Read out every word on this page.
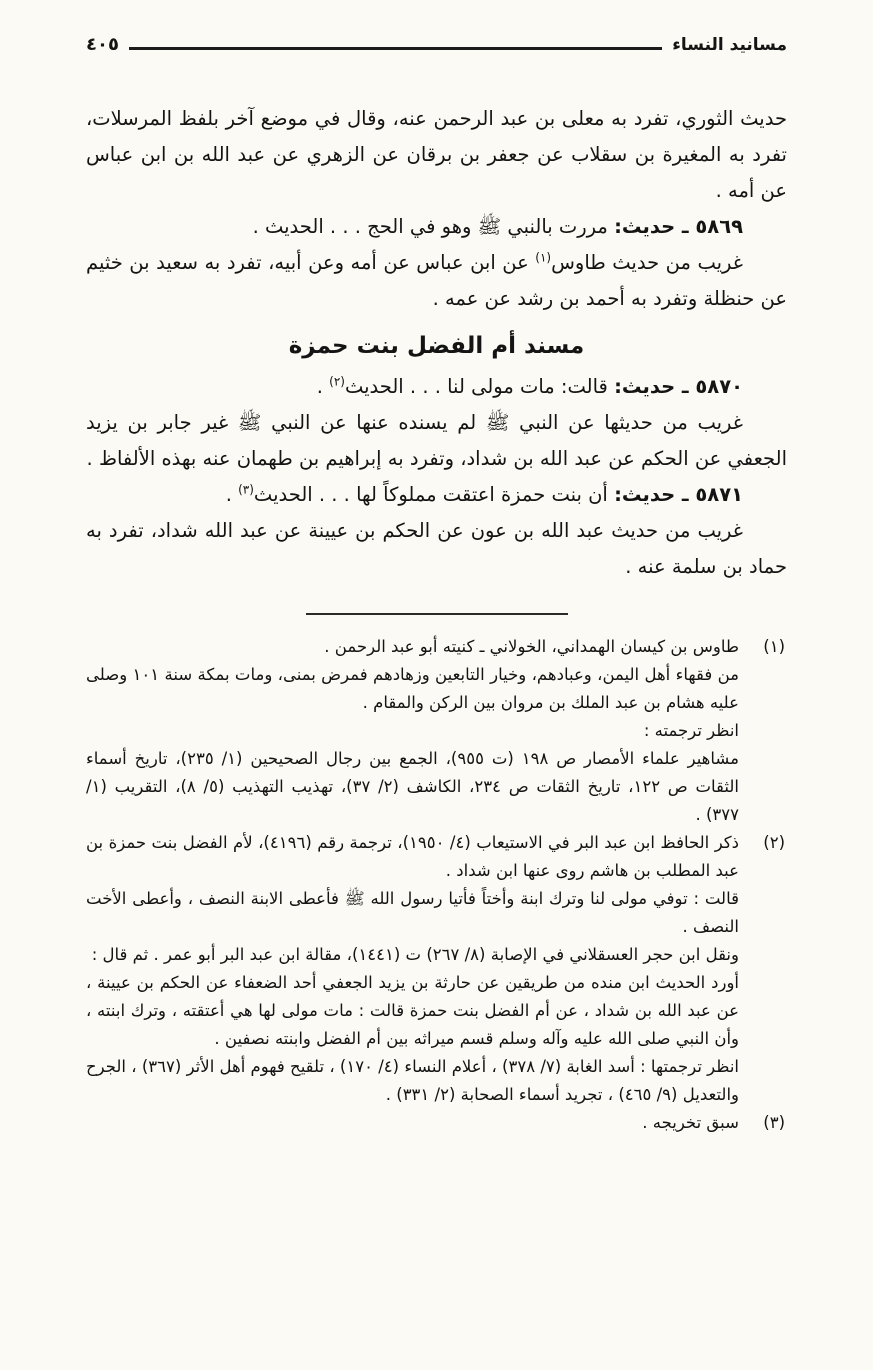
مسانيد النساء
٤٠٥

حديث الثوري، تفرد به معلى بن عبد الرحمن عنه، وقال في موضع آخر بلفظ المرسلات، تفرد به المغيرة بن سقلاب عن جعفر بن برقان عن الزهري عن عبد الله بن ابن عباس عن أمه .

٥٨٦٩ ـ حديث: مررت بالنبي ﷺ وهو في الحج . . . الحديث .

غريب من حديث طاوس$^{(١)}$ عن ابن عباس عن أمه وعن أبيه، تفرد به سعيد بن خثيم عن حنظلة وتفرد به أحمد بن رشد عن عمه .

مسند أم الفضل بنت حمزة

٥٨٧٠ ـ حديث: قالت: مات مولى لنا . . . الحديث$^{(٢)}$ .

غريب من حديثها عن النبي ﷺ لم يسنده عنها عن النبي ﷺ غير جابر بن يزيد الجعفي عن الحكم عن عبد الله بن شداد، وتفرد به إبراهيم بن طهمان عنه بهذه الألفاظ .

٥٨٧١ ـ حديث: أن بنت حمزة اعتقت مملوكاً لها . . . الحديث$^{(٣)}$ .

غريب من حديث عبد الله بن عون عن الحكم بن عيينة عن عبد الله شداد، تفرد به حماد بن سلمة عنه .

(١)

طاوس بن كيسان الهمداني، الخولاني ـ كنيته أبو عبد الرحمن .

من فقهاء أهل اليمن، وعبادهم، وخيار التابعين وزهادهم فمرض بمنى، ومات بمكة سنة ١٠١ وصلى عليه هشام بن عبد الملك بن مروان بين الركن والمقام .

انظر ترجمته :

مشاهير علماء الأمصار ص ١٩٨ (ت ٩٥٥)، الجمع بين رجال الصحيحين (١/ ٢٣٥)، تاريخ أسماء الثقات ص ١٢٢، تاريخ الثقات ص ٢٣٤، الكاشف (٢/ ٣٧)، تهذيب التهذيب (٥/ ٨)، التقريب (١/ ٣٧٧) .

(٢)

ذكر الحافظ ابن عبد البر في الاستيعاب (٤/ ١٩٥٠)، ترجمة رقم (٤١٩٦)، لأم الفضل بنت حمزة بن عبد المطلب بن هاشم روى عنها ابن شداد .

قالت : توفي مولى لنا وترك ابنة وأختاً فأتيا رسول الله ﷺ فأعطى الابنة النصف ، وأعطى الأخت النصف .

ونقل ابن حجر العسقلاني في الإصابة (٨/ ٢٦٧) ت (١٤٤١)، مقالة ابن عبد البر أبو عمر . ثم قال :

أورد الحديث ابن منده من طريقين عن حارثة بن يزيد الجعفي أحد الضعفاء عن الحكم بن عيينة ، عن عبد الله بن شداد ، عن أم الفضل بنت حمزة قالت : مات مولى لها هي أعتقته ، وترك ابنته ، وأن النبي صلى الله عليه وآله وسلم قسم ميراثه بين أم الفضل وابنته نصفين .

انظر ترجمتها : أسد الغابة (٧/ ٣٧٨) ، أعلام النساء (٤/ ١٧٠) ، تلقيح فهوم أهل الأثر (٣٦٧) ، الجرح والتعديل (٩/ ٤٦٥) ، تجريد أسماء الصحابة (٢/ ٣٣١) .

(٣)

سبق تخريجه .
